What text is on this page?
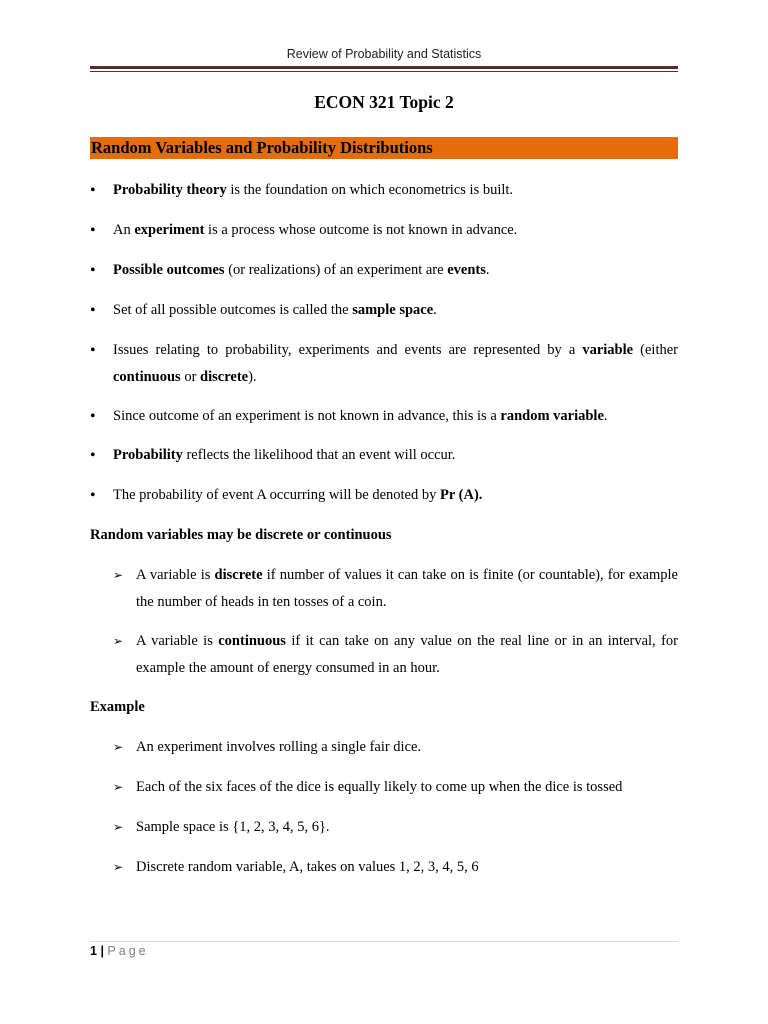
Review of Probability and Statistics
ECON 321 Topic 2
Random Variables and Probability Distributions
• Probability theory is the foundation on which econometrics is built.
• An experiment is a process whose outcome is not known in advance.
• Possible outcomes (or realizations) of an experiment are events.
• Set of all possible outcomes is called the sample space.
• Issues relating to probability, experiments and events are represented by a variable (either continuous or discrete).
• Since outcome of an experiment is not known in advance, this is a random variable.
• Probability reflects the likelihood that an event will occur.
• The probability of event A occurring will be denoted by Pr (A).
Random variables may be discrete or continuous
➢ A variable is discrete if number of values it can take on is finite (or countable), for example the number of heads in ten tosses of a coin.
➢ A variable is continuous if it can take on any value on the real line or in an interval, for example the amount of energy consumed in an hour.
Example
➢ An experiment involves rolling a single fair dice.
➢ Each of the six faces of the dice is equally likely to come up when the dice is tossed
➢ Sample space is {1, 2, 3, 4, 5, 6}.
➢ Discrete random variable, A, takes on values 1, 2, 3, 4, 5, 6
1 | Page
